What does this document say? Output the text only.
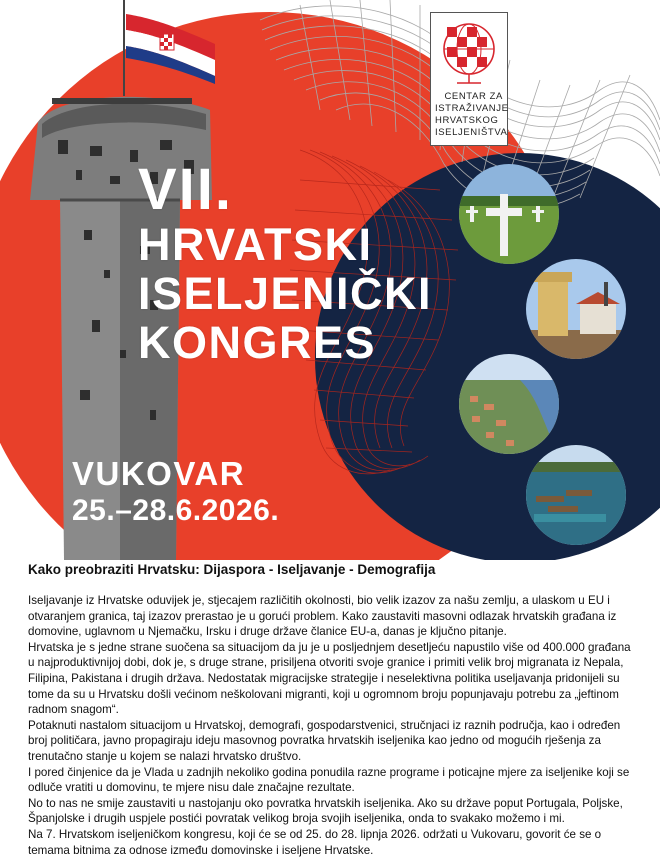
CENTAR ZA
ISTRAŽIVANJE
HRVATSKOG
ISELJENIŠTVA
VII.
HRVATSKI
ISELJENIČKI
KONGRES
VUKOVAR
25.–28.6.2026.
Kako preobraziti Hrvatsku: Dijaspora - Iseljavanje - Demografija

Iseljavanje iz Hrvatske oduvijek je, stjecajem različitih okolnosti, bio velik izazov za našu zemlju, a ulaskom u EU i otvaranjem granica, taj izazov prerastao je u gorući problem. Kako zaustaviti masovni odlazak hrvatskih građana iz domovine, uglavnom u Njemačku, Irsku i druge države članice EU-a, danas je ključno pitanje.

Hrvatska je s jedne strane suočena sa situacijom da ju je u posljednjem desetljeću napustilo više od 400.000 građana u najproduktivnijoj dobi, dok je, s druge strane, prisiljena otvoriti svoje granice i primiti velik broj migranata iz Nepala, Filipina, Pakistana i drugih država. Nedostatak migracijske strategije i neselektivna politika useljavanja pridonijeli su tome da su u Hrvatsku došli većinom neškolovani migranti, koji u ogromnom broju popunjavaju potrebu za „jeftinom radnom snagom“.

Potaknuti nastalom situacijom u Hrvatskoj, demografi, gospodarstvenici, stručnjaci iz raznih područja, kao i određen broj političara, javno propagiraju ideju masovnog povratka hrvatskih iseljenika kao jedno od mogućih rješenja za trenutačno stanje u kojem se nalazi hrvatsko društvo.

I pored činjenice da je Vlada u zadnjih nekoliko godina ponudila razne programe i poticajne mjere za iseljenike koji se odluče vratiti u domovinu, te mjere nisu dale značajne rezultate.

No to nas ne smije zaustaviti u nastojanju oko povratka hrvatskih iseljenika. Ako su države poput Portugala, Poljske, Španjolske i drugih uspjele postići povratak velikog broja svojih iseljenika, onda to svakako možemo i mi.

Na 7. Hrvatskom iseljeničkom kongresu, koji će se od 25. do 28. lipnja 2026. održati u Vukovaru, govorit će se o temama bitnima za odnose između domovinske i iseljene Hrvatske.
